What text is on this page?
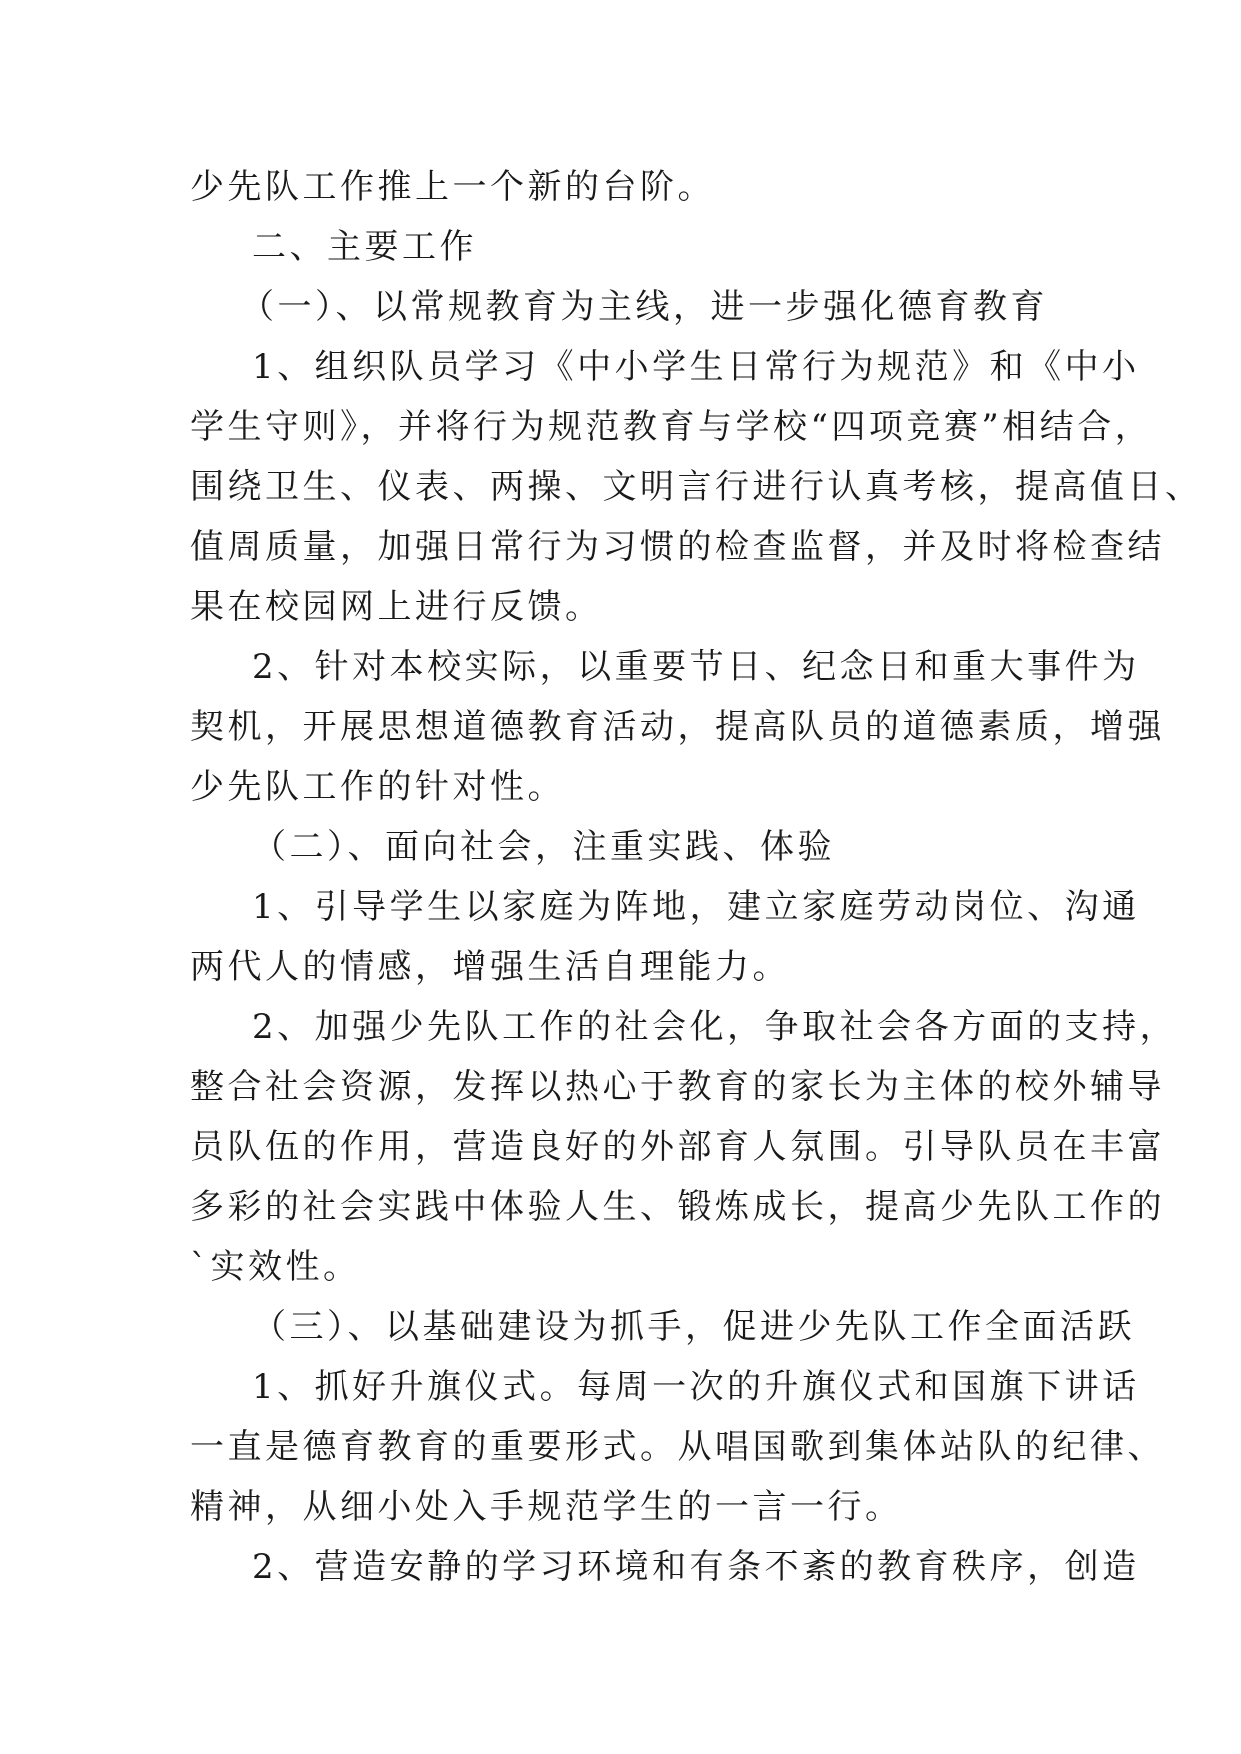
少先队工作推上一个新的台阶。
二、主要工作
（一）、以常规教育为主线，进一步强化德育教育
1、组织队员学习《中小学生日常行为规范》和《中小
学生守则》，并将行为规范教育与学校“四项竞赛”相结合，
围绕卫生、仪表、两操、文明言行进行认真考核，提高值日、
值周质量，加强日常行为习惯的检查监督，并及时将检查结
果在校园网上进行反馈。
2、针对本校实际，以重要节日、纪念日和重大事件为
契机，开展思想道德教育活动，提高队员的道德素质，增强
少先队工作的针对性。
（二）、面向社会，注重实践、体验
1、引导学生以家庭为阵地，建立家庭劳动岗位、沟通
两代人的情感，增强生活自理能力。
2、加强少先队工作的社会化，争取社会各方面的支持，
整合社会资源，发挥以热心于教育的家长为主体的校外辅导
员队伍的作用，营造良好的外部育人氛围。引导队员在丰富
多彩的社会实践中体验人生、锻炼成长，提高少先队工作的
`实效性。
（三）、以基础建设为抓手，促进少先队工作全面活跃
1、抓好升旗仪式。每周一次的升旗仪式和国旗下讲话
一直是德育教育的重要形式。从唱国歌到集体站队的纪律、
精神，从细小处入手规范学生的一言一行。
2、营造安静的学习环境和有条不紊的教育秩序，创造
